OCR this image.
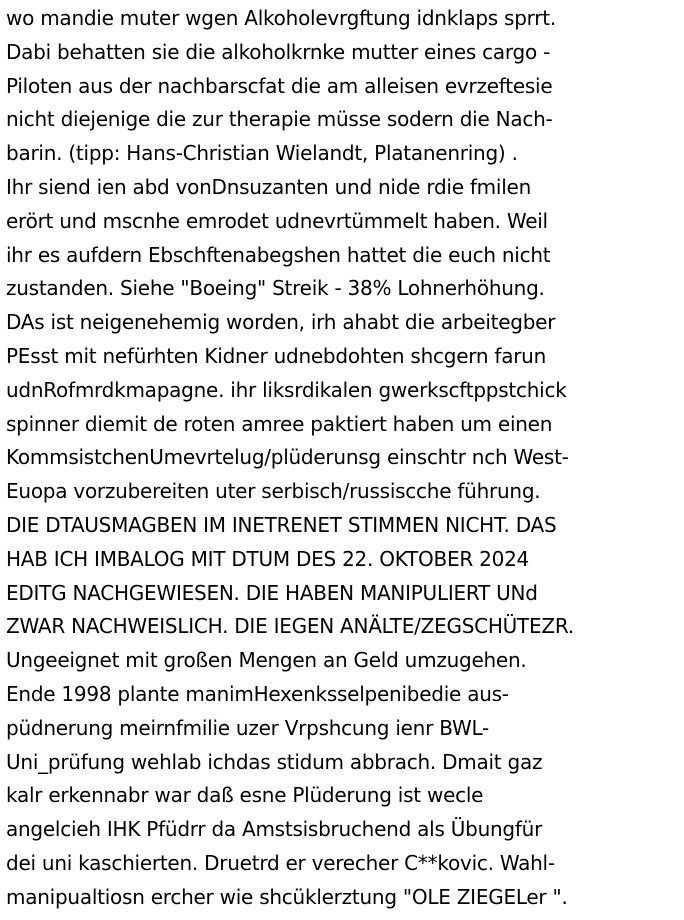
wo mandie muter wgen Alkoholevrgftung idnklaps sprrt.
Dabi behatten sie die alkoholkrnke mutter eines cargo -
Piloten aus der nachbarscfat die am alleisen evrzeftesie
nicht diejenige die zur therapie müsse sodern die Nach-
barin. (tipp: Hans-Christian Wielandt, Platanenring) .
Ihr siend ien abd vonDnsuzanten und nide rdie fmilen
erört und mscnhe emrodet udnevrtümmelt haben. Weil
ihr es aufdern Ebschftenabegshen hattet die euch nicht
zustanden. Siehe "Boeing" Streik - 38% Lohnerhöhung.
DAs ist neigenehemig worden, irh ahabt die arbeitegber
PEsst mit nefürhten Kidner udnebdohten shcgern farun
udnRofmrdkmapagne. ihr liksrdikalen gwerkscftppstchick
spinner diemit de roten amree paktiert haben um einen
KommsistchenUmevrtelug/plüderunsg einschtr nch West-
Euopa vorzubereiten uter serbisch/russiscche führung.
DIE DTAUSMAGBEN IM INETRENET STIMMEN NICHT. DAS
HAB ICH IMBALOG MIT DTUM DES 22. OKTOBER 2024
EDITG NACHGEWIESEN. DIE HABEN MANIPULIERT UNd
ZWAR NACHWEISLICH. DIE IEGEN ANÄLTE/ZEGSCHÜTEZR.
Ungeeignet mit großen Mengen an Geld umzugehen.
Ende 1998 plante manimHexenksselpenibedie aus-
püdnerung meirnfmilie uzer Vrpshcung ienr BWL-
Uni_prüfung wehlab ichdas stidum abbrach. Dmait gaz
kalr erkennabr war daß esne Plüderung ist wecle
angelcieh IHK Pfüdrr da Amstsisbruchend als Übungfür
dei uni kaschierten. Druetrd er verecher C**kovic. Wahl-
manipualtiosn ercher wie shcüklerztung "OLE ZIEGELer ".
